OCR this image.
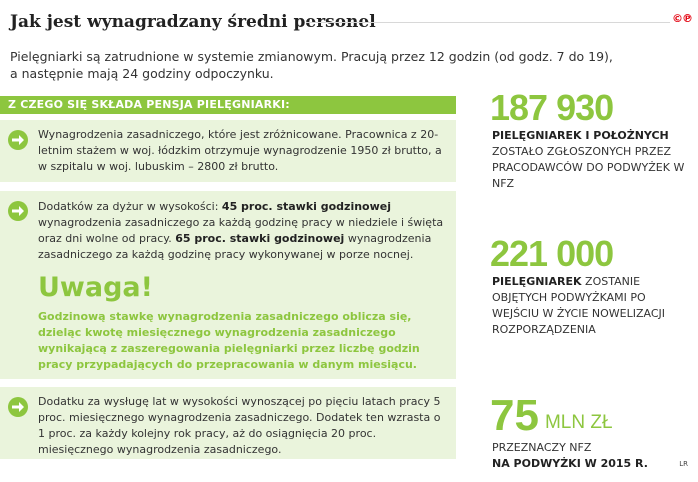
Jak jest wynagradzany średni personel	©℗

Pielęgniarki są zatrudnione w systemie zmianowym. Pracują przez 12 godzin (od godz. 7 do 19),
a następnie mają 24 godziny odpoczynku.

Z CZEGO SIĘ SKŁADA PENSJA PIELĘGNIARKI:

Wynagrodzenia zasadniczego, które jest zróżnicowane. Pracownica z 20-letnim stażem w woj. łódzkim otrzymuje wynagrodzenie 1950 zł brutto, a w szpitalu w woj. lubuskim – 2800 zł brutto.

Dodatków za dyżur w wysokości: 45 proc. stawki godzinowej wynagrodzenia zasadniczego za każdą godzinę pracy w niedziele i święta oraz dni wolne od pracy. 65 proc. stawki godzinowej wynagrodzenia zasadniczego za każdą godzinę pracy wykonywanej w porze nocnej.

Uwaga!

Godzinową stawkę wynagrodzenia zasadniczego oblicza się, dzieląc kwotę miesięcznego wynagrodzenia zasadniczego wynikającą z zaszeregowania pielęgniarki przez liczbę godzin pracy przypadających do przepracowania w danym miesiącu.

Dodatku za wysługę lat w wysokości wynoszącej po pięciu latach pracy 5 proc. miesięcznego wynagrodzenia zasadniczego. Dodatek ten wzrasta o 1 proc. za każdy kolejny rok pracy, aż do osiągnięcia 20 proc. miesięcznego wynagrodzenia zasadniczego.

187 930

PIELĘGNIAREK I POŁOŻNYCH
ZOSTAŁO ZGŁOSZONYCH PRZEZ PRACODAWCÓW DO PODWYŻEK W NFZ

221 000

PIELĘGNIAREK ZOSTANIE OBJĘTYCH PODWYŻKAMI PO WEJŚCIU W ŻYCIE NOWELIZACJI ROZPORZĄDZENIA

75 MLN ZŁ

PRZEZNACZY NFZ
NA PODWYŻKI W 2015 R.	LR
